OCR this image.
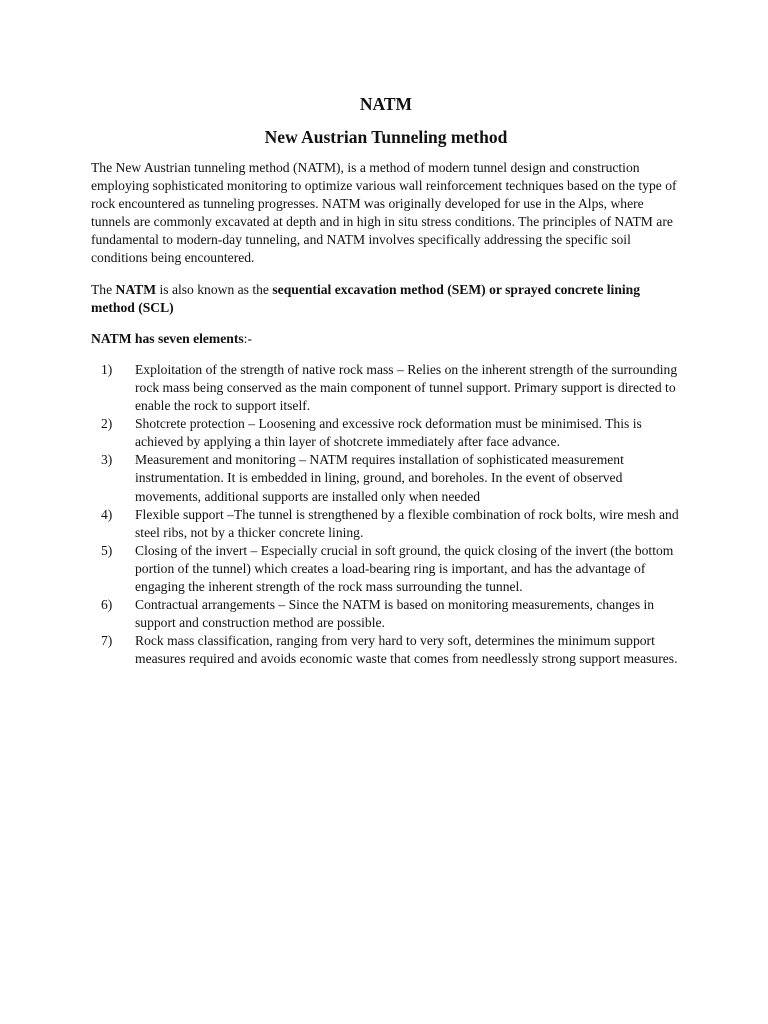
NATM
New Austrian Tunneling method

The New Austrian tunneling method (NATM), is a method of modern tunnel design and construction employing sophisticated monitoring to optimize various wall reinforcement techniques based on the type of rock encountered as tunneling progresses. NATM was originally developed for use in the Alps, where tunnels are commonly excavated at depth and in high in situ stress conditions. The principles of NATM are fundamental to modern-day tunneling, and NATM involves specifically addressing the specific soil conditions being encountered.

The NATM is also known as the sequential excavation method (SEM) or sprayed concrete lining method (SCL)

NATM has seven elements:-

1)	Exploitation of the strength of native rock mass – Relies on the inherent strength of the surrounding rock mass being conserved as the main component of tunnel support. Primary support is directed to enable the rock to support itself.
2)	Shotcrete protection – Loosening and excessive rock deformation must be minimised. This is achieved by applying a thin layer of shotcrete immediately after face advance.
3)	Measurement and monitoring – NATM requires installation of sophisticated measurement instrumentation. It is embedded in lining, ground, and boreholes. In the event of observed movements, additional supports are installed only when needed
4)	Flexible support –The tunnel is strengthened by a flexible combination of rock bolts, wire mesh and steel ribs, not by a thicker concrete lining.
5)	Closing of the invert – Especially crucial in soft ground, the quick closing of the invert (the bottom portion of the tunnel) which creates a load-bearing ring is important, and has the advantage of engaging the inherent strength of the rock mass surrounding the tunnel.
6)	Contractual arrangements – Since the NATM is based on monitoring measurements, changes in support and construction method are possible.
7)	Rock mass classification, ranging from very hard to very soft, determines the minimum support measures required and avoids economic waste that comes from needlessly strong support measures.
